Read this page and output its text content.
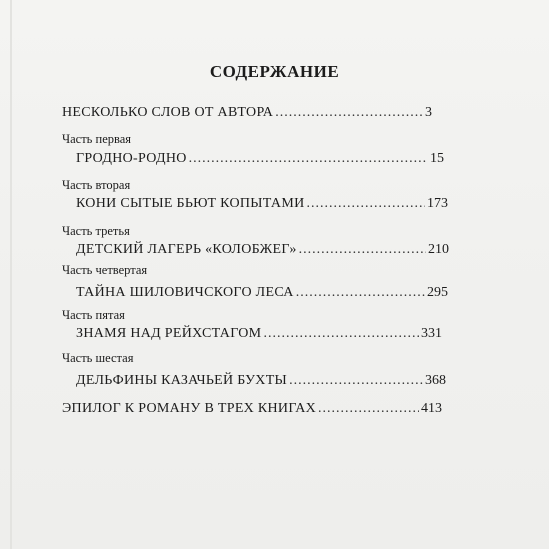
СОДЕРЖАНИЕ
НЕСКОЛЬКО СЛОВ ОТ АВТОРА .....	3
Часть первая
ГРОДНО-РОДНО .....	15
Часть вторая
КОНИ СЫТЫЕ БЬЮТ КОПЫТАМИ .....	173
Часть третья
ДЕТСКИЙ ЛАГЕРЬ «КОЛОБЖЕГ» .....	210
Часть четвертая
ТАЙНА ШИЛОВИЧСКОГО ЛЕСА .....	295
Часть пятая
ЗНАМЯ НАД РЕЙХСТАГОМ .....	331
Часть шестая
ДЕЛЬФИНЫ КАЗАЧЬЕЙ БУХТЫ .....	368
ЭПИЛОГ К РОМАНУ В ТРЕХ КНИГАХ .....	413
